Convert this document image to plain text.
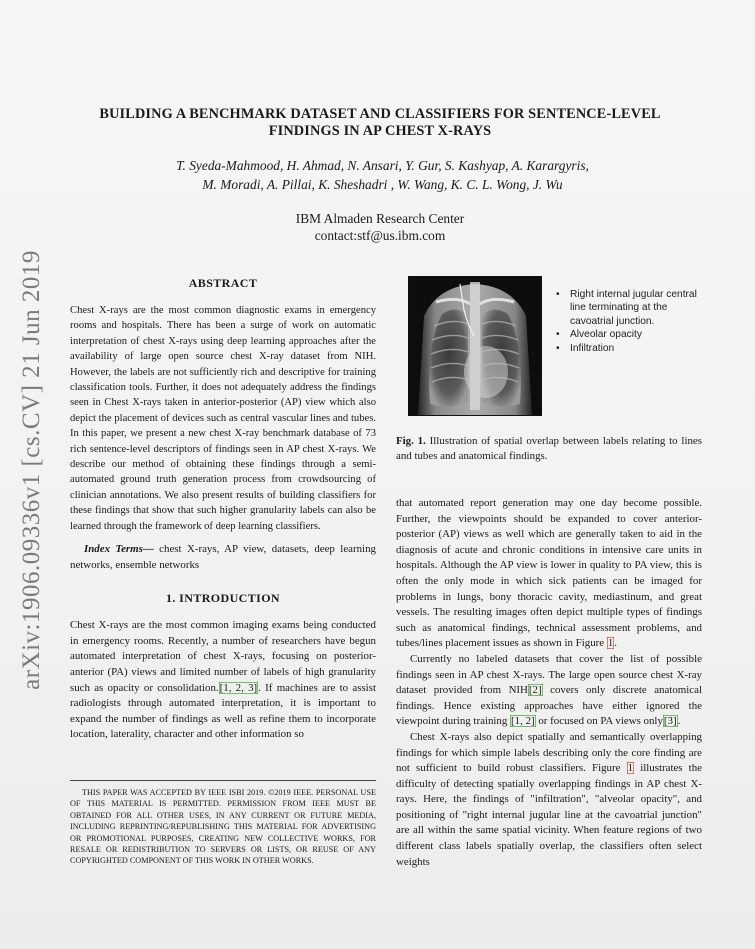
arXiv:1906.09336v1 [cs.CV] 21 Jun 2019
BUILDING A BENCHMARK DATASET AND CLASSIFIERS FOR SENTENCE-LEVEL
FINDINGS IN AP CHEST X-RAYS
T. Syeda-Mahmood, H. Ahmad, N. Ansari, Y. Gur, S. Kashyap, A. Karargyris,
M. Moradi, A. Pillai, K. Sheshadri , W. Wang, K. C. L. Wong, J. Wu
IBM Almaden Research Center
contact:stf@us.ibm.com
ABSTRACT

Chest X-rays are the most common diagnostic exams in emergency rooms and hospitals. There has been a surge of work on automatic interpretation of chest X-rays using deep learning approaches after the availability of large open source chest X-ray dataset from NIH. However, the labels are not sufficiently rich and descriptive for training classification tools. Further, it does not adequately address the findings seen in Chest X-rays taken in anterior-posterior (AP) view which also depict the placement of devices such as central vascular lines and tubes. In this paper, we present a new chest X-ray benchmark database of 73 rich sentence-level descriptors of findings seen in AP chest X-rays. We describe our method of obtaining these findings through a semi-automated ground truth generation process from crowdsourcing of clinician annotations. We also present results of building classifiers for these findings that show that such higher granularity labels can also be learned through the framework of deep learning classifiers.

Index Terms— chest X-rays, AP view, datasets, deep learning networks, ensemble networks

1. INTRODUCTION

Chest X-rays are the most common imaging exams being conducted in emergency rooms. Recently, a number of researchers have begun automated interpretation of chest X-rays, focusing on posterior-anterior (PA) views and limited number of labels of high granularity such as opacity or consolidation.[1, 2, 3]. If machines are to assist radiologists through automated interpretation, it is important to expand the number of findings as well as refine them to incorporate location, laterality, character and other information so

THIS PAPER WAS ACCEPTED BY IEEE ISBI 2019. ©2019 IEEE. PERSONAL USE OF THIS MATERIAL IS PERMITTED. PERMISSION FROM IEEE MUST BE OBTAINED FOR ALL OTHER USES, IN ANY CURRENT OR FUTURE MEDIA, INCLUDING REPRINTING/REPUBLISHING THIS MATERIAL FOR ADVERTISING OR PROMOTIONAL PURPOSES, CREATING NEW COLLECTIVE WORKS, FOR RESALE OR REDISTRIBUTION TO SERVERS OR LISTS, OR REUSE OF ANY COPYRIGHTED COMPONENT OF THIS WORK IN OTHER WORKS.
• Right internal jugular central line terminating at the cavoatrial junction.
• Alveolar opacity
• Infiltration
Fig. 1. Illustration of spatial overlap between labels relating to lines and tubes and anatomical findings.

that automated report generation may one day become possible. Further, the viewpoints should be expanded to cover anterior-posterior (AP) views as well which are generally taken to aid in the diagnosis of acute and chronic conditions in intensive care units in hospitals. Although the AP view is lower in quality to PA view, this is often the only mode in which sick patients can be imaged for problems in lungs, bony thoracic cavity, mediastinum, and great vessels. The resulting images often depict multiple types of findings such as anatomical findings, technical assessment problems, and tubes/lines placement issues as shown in Figure 1.

Currently no labeled datasets that cover the list of possible findings seen in AP chest X-rays. The large open source chest X-ray dataset provided from NIH[2] covers only discrete anatomical findings. Hence existing approaches have either ignored the viewpoint during training [1, 2] or focused on PA views only[3].

Chest X-rays also depict spatially and semantically overlapping findings for which simple labels describing only the core finding are not sufficient to build robust classifiers. Figure 1 illustrates the difficulty of detecting spatially overlapping findings in AP chest X-rays. Here, the findings of "infiltration", "alveolar opacity", and positioning of "right internal jugular line at the cavoatrial junction" are all within the same spatial vicinity. When feature regions of two different class labels spatially overlap, the classifiers often select weights
